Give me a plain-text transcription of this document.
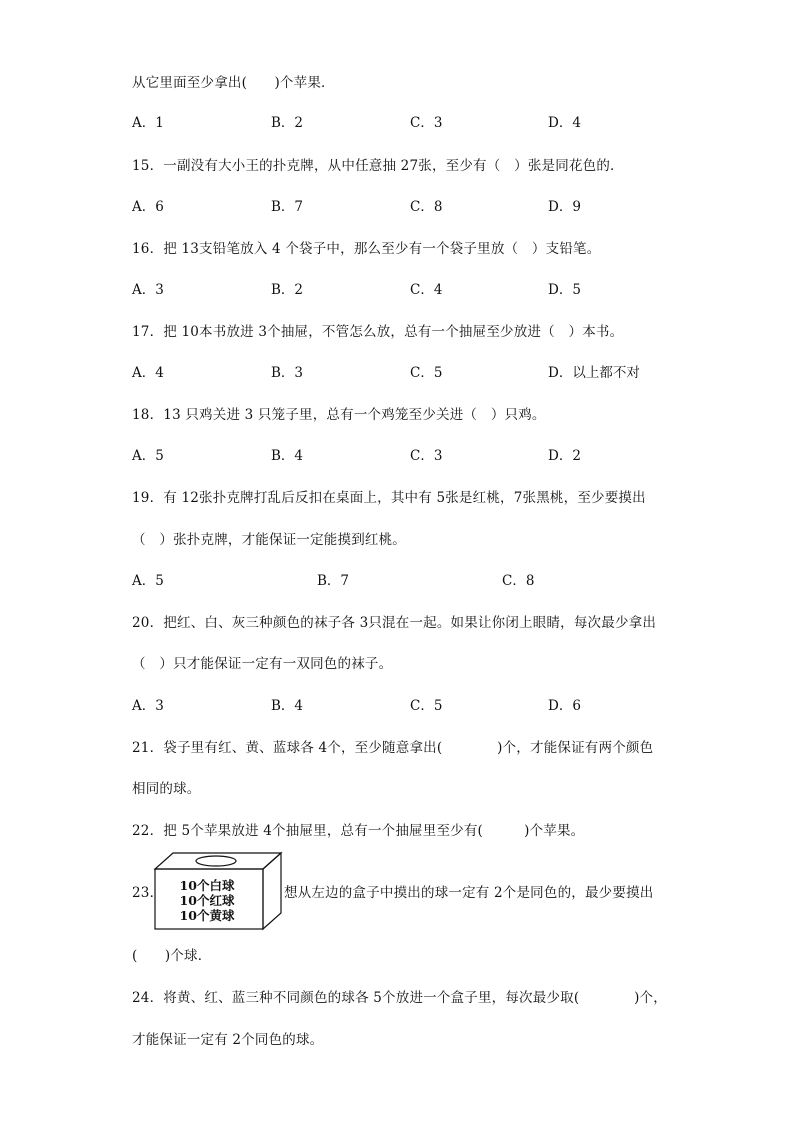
从它里面至少拿出(　　)个苹果．
A．1	B．2	C．3	D．4
15．一副没有大小王的扑克牌，从中任意抽 27张，至少有（　）张是同花色的．
A．6	B．7	C．8	D．9
16．把 13支铅笔放入 4 个袋子中，那么至少有一个袋子里放（　）支铅笔。
A．3	B．2	C．4	D．5
17．把 10本书放进 3个抽屉，不管怎么放，总有一个抽屉至少放进（　）本书。
A．4	B．3	C．5	D．以上都不对
18．13 只鸡关进 3 只笼子里，总有一个鸡笼至少关进（　）只鸡。
A．5	B．4	C．3	D．2
19．有 12张扑克牌打乱后反扣在桌面上，其中有 5张是红桃，7张黑桃，至少要摸出
（　）张扑克牌，才能保证一定能摸到红桃。
A．5	B．7	C．8
20．把红、白、灰三种颜色的袜子各 3只混在一起。如果让你闭上眼睛，每次最少拿出
（　）只才能保证一定有一双同色的袜子。
A．3	B．4	C．5	D．6
21．袋子里有红、黄、蓝球各 4个，至少随意拿出(　　　　)个，才能保证有两个颜色
相同的球。
22．把 5个苹果放进 4个抽屉里，总有一个抽屉里至少有(　　　)个苹果。
23．	10个白球
10个红球
10个黄球
想从左边的盒子中摸出的球一定有 2个是同色的，最少要摸出
(　　)个球．
24．将黄、红、蓝三种不同颜色的球各 5个放进一个盒子里，每次最少取(　　　　)个，
才能保证一定有 2个同色的球。
